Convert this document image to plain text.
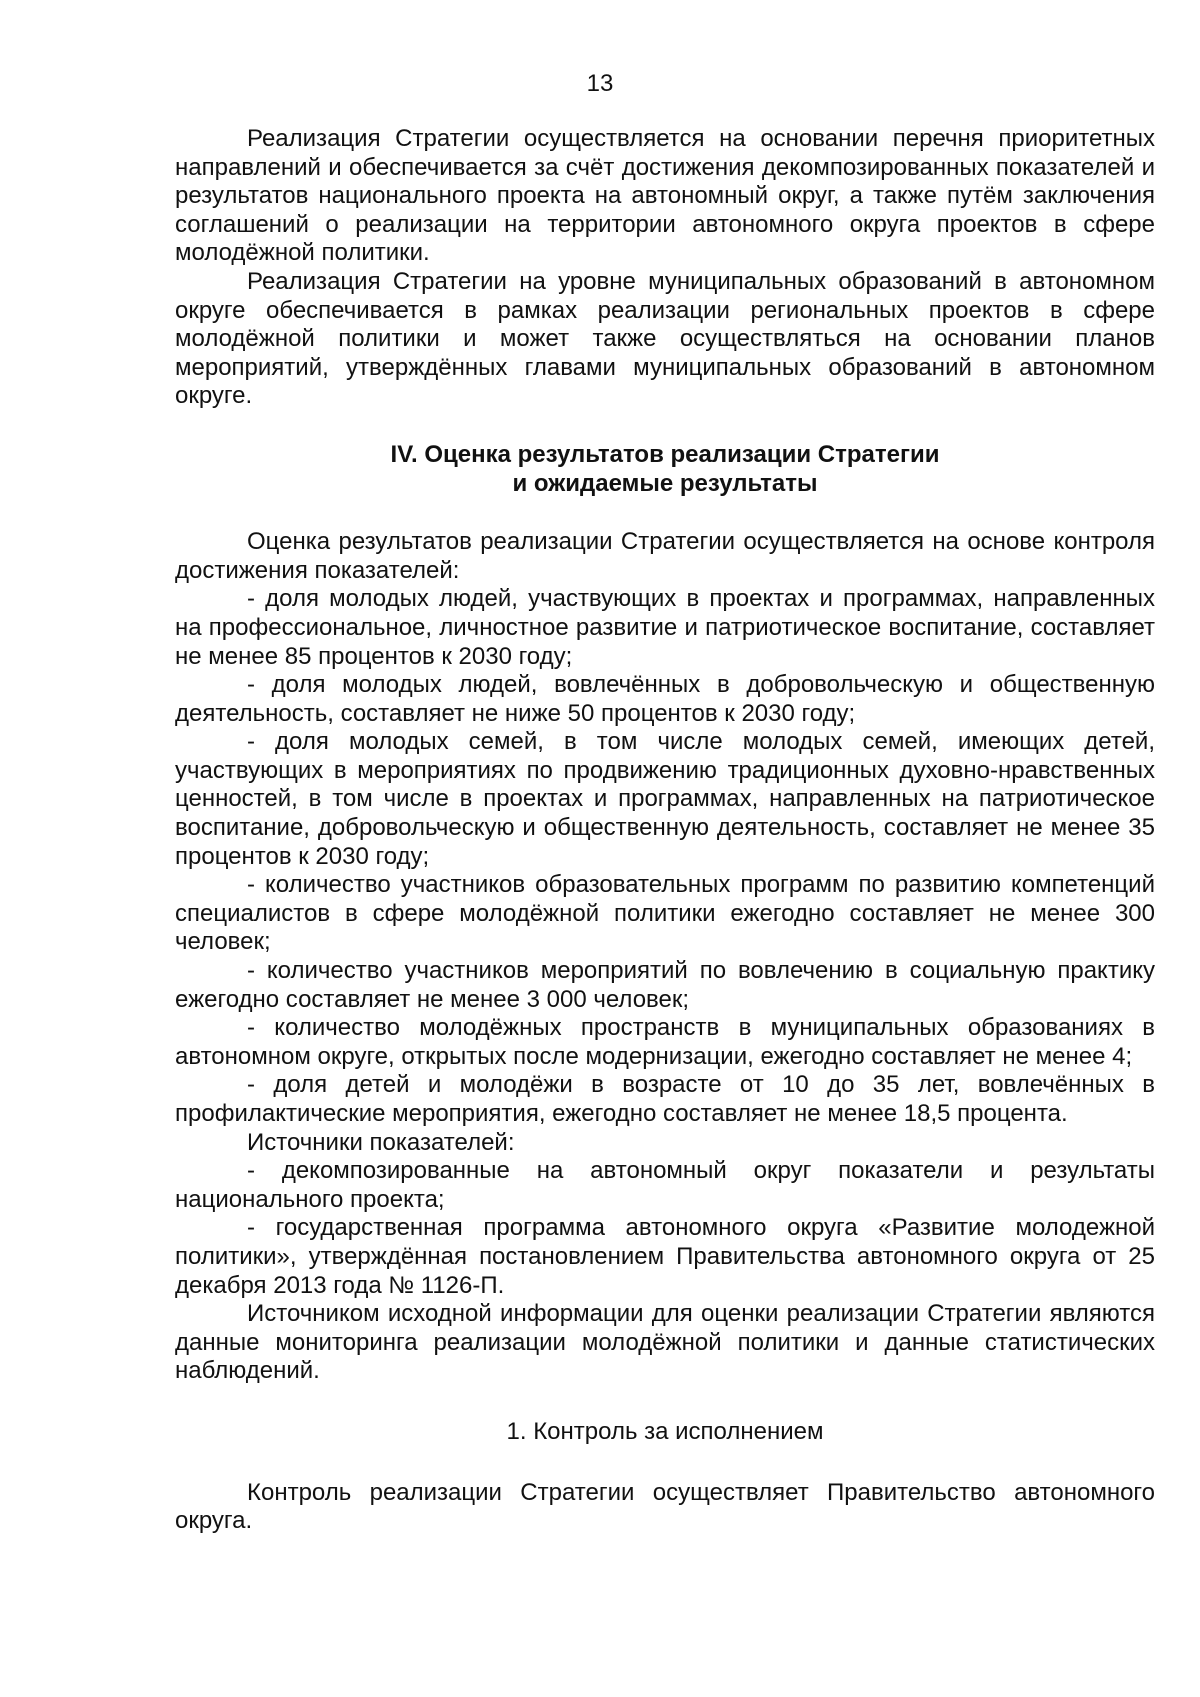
13

Реализация Стратегии осуществляется на основании перечня приоритетных направлений и обеспечивается за счёт достижения декомпозированных показателей и результатов национального проекта на автономный округ, а также путём заключения соглашений о реализации на территории автономного округа проектов в сфере молодёжной политики.

Реализация Стратегии на уровне муниципальных образований в автономном округе обеспечивается в рамках реализации региональных проектов в сфере молодёжной политики и может также осуществляться на основании планов мероприятий, утверждённых главами муниципальных образований в автономном округе.

IV. Оценка результатов реализации Стратегии
и ожидаемые результаты

Оценка результатов реализации Стратегии осуществляется на основе контроля достижения показателей:

- доля молодых людей, участвующих в проектах и программах, направленных на профессиональное, личностное развитие и патриотическое воспитание, составляет не менее 85 процентов к 2030 году;

- доля молодых людей, вовлечённых в добровольческую и общественную деятельность, составляет не ниже 50 процентов к 2030 году;

- доля молодых семей, в том числе молодых семей, имеющих детей, участвующих в мероприятиях по продвижению традиционных духовно-нравственных ценностей, в том числе в проектах и программах, направленных на патриотическое воспитание, добровольческую и общественную деятельность, составляет не менее 35 процентов к 2030 году;

- количество участников образовательных программ по развитию компетенций специалистов в сфере молодёжной политики ежегодно составляет не менее 300 человек;

- количество участников мероприятий по вовлечению в социальную практику ежегодно составляет не менее 3 000 человек;

- количество молодёжных пространств в муниципальных образованиях в автономном округе, открытых после модернизации, ежегодно составляет не менее 4;

- доля детей и молодёжи в возрасте от 10 до 35 лет, вовлечённых в профилактические мероприятия, ежегодно составляет не менее 18,5 процента.

Источники показателей:

- декомпозированные на автономный округ показатели и результаты национального проекта;

- государственная программа автономного округа «Развитие молодежной политики», утверждённая постановлением Правительства автономного округа от 25 декабря 2013 года № 1126-П.

Источником исходной информации для оценки реализации Стратегии являются данные мониторинга реализации молодёжной политики и данные статистических наблюдений.

1. Контроль за исполнением

Контроль реализации Стратегии осуществляет Правительство автономного округа.
